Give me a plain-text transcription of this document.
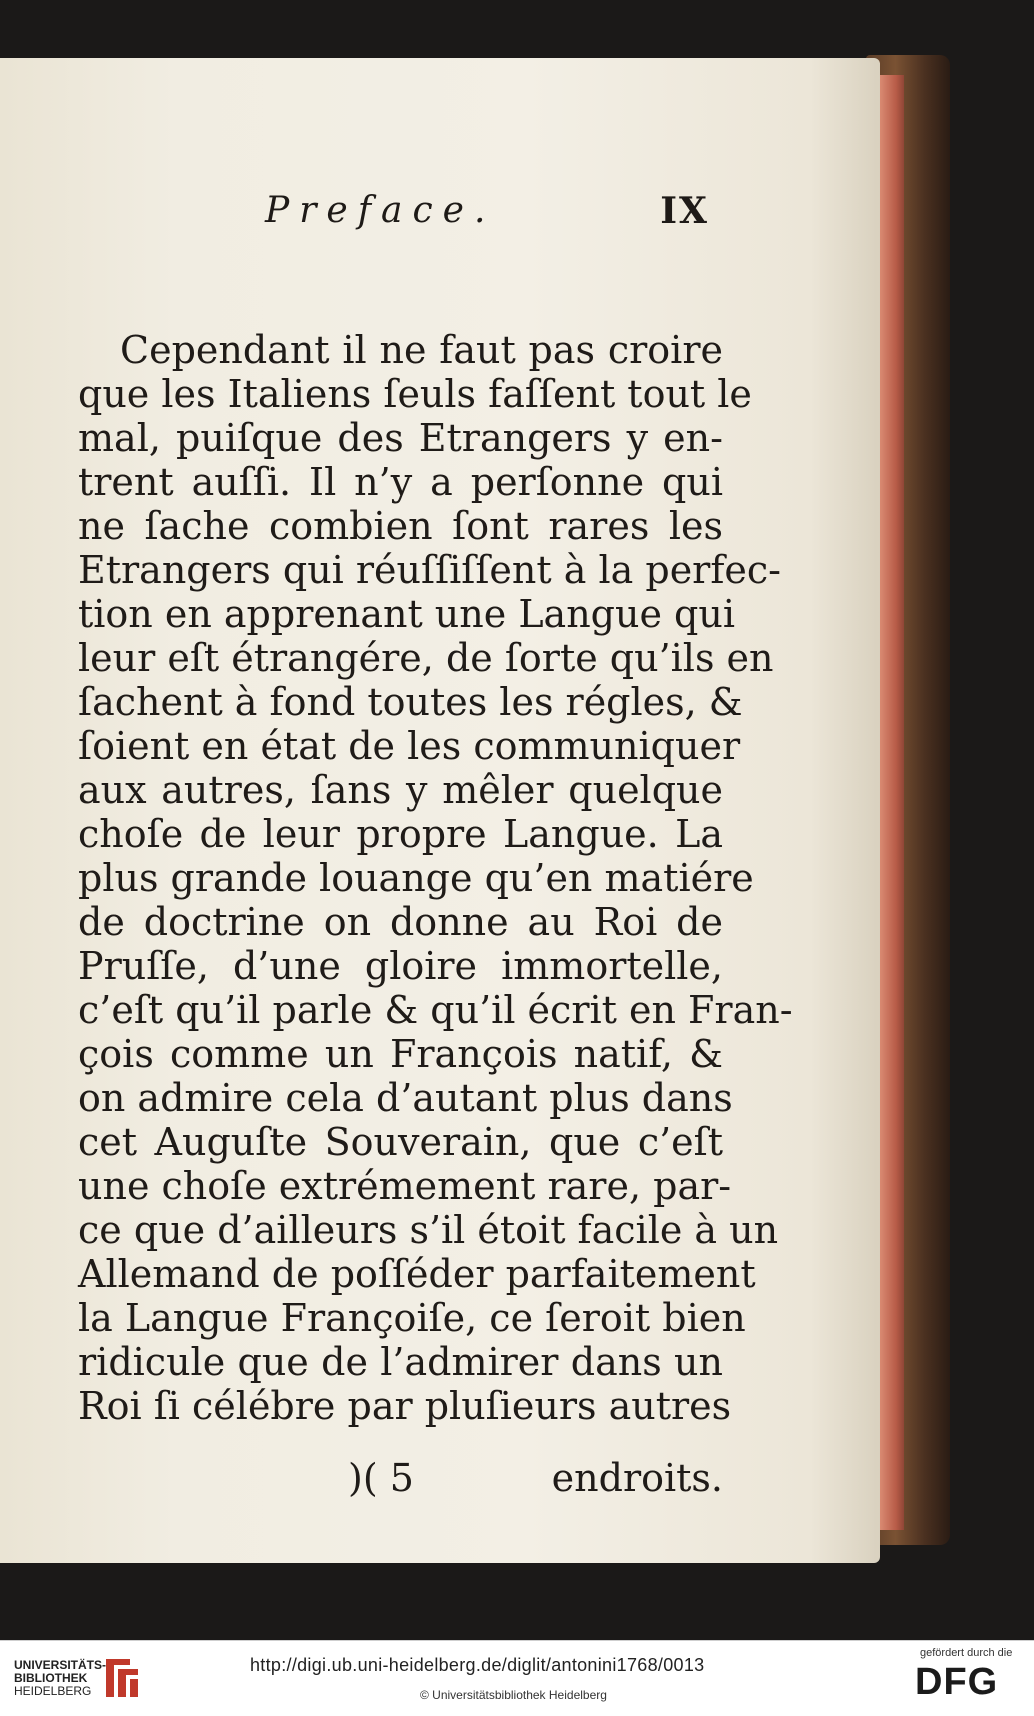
Preface.	IX
Cependant il ne faut pas croire
que les Italiens ſeuls faſſent tout le
mal, puiſque des Etrangers y en-
trent auſſi. Il n’y a perſonne qui
ne ſache combien ſont rares les
Etrangers qui réuſſiſſent à la perfec-
tion en apprenant une Langue qui
leur eſt étrangére, de ſorte qu’ils en
ſachent à fond toutes les régles, &
ſoient en état de les communiquer
aux autres, ſans y mêler quelque
choſe de leur propre Langue. La
plus grande louange qu’en matiére
de doctrine on donne au Roi de
Pruſſe, d’une gloire immortelle,
c’eſt qu’il parle & qu’il écrit en Fran-
çois comme un François natif, &
on admire cela d’autant plus dans
cet Auguſte Souverain, que c’eſt
une choſe extrémement rare, par-
ce que d’ailleurs s’il étoit facile à un
Allemand de poſſéder parfaitement
la Langue Françoiſe, ce ſeroit bien
ridicule que de l’admirer dans un
Roi ſi célébre par pluſieurs autres
)( 5	endroits.
UNIVERSITÄTS-
BIBLIOTHEK
HEIDELBERG
http://digi.ub.uni-heidelberg.de/diglit/antonini1768/0013
© Universitätsbibliothek Heidelberg
gefördert durch die
DFG
